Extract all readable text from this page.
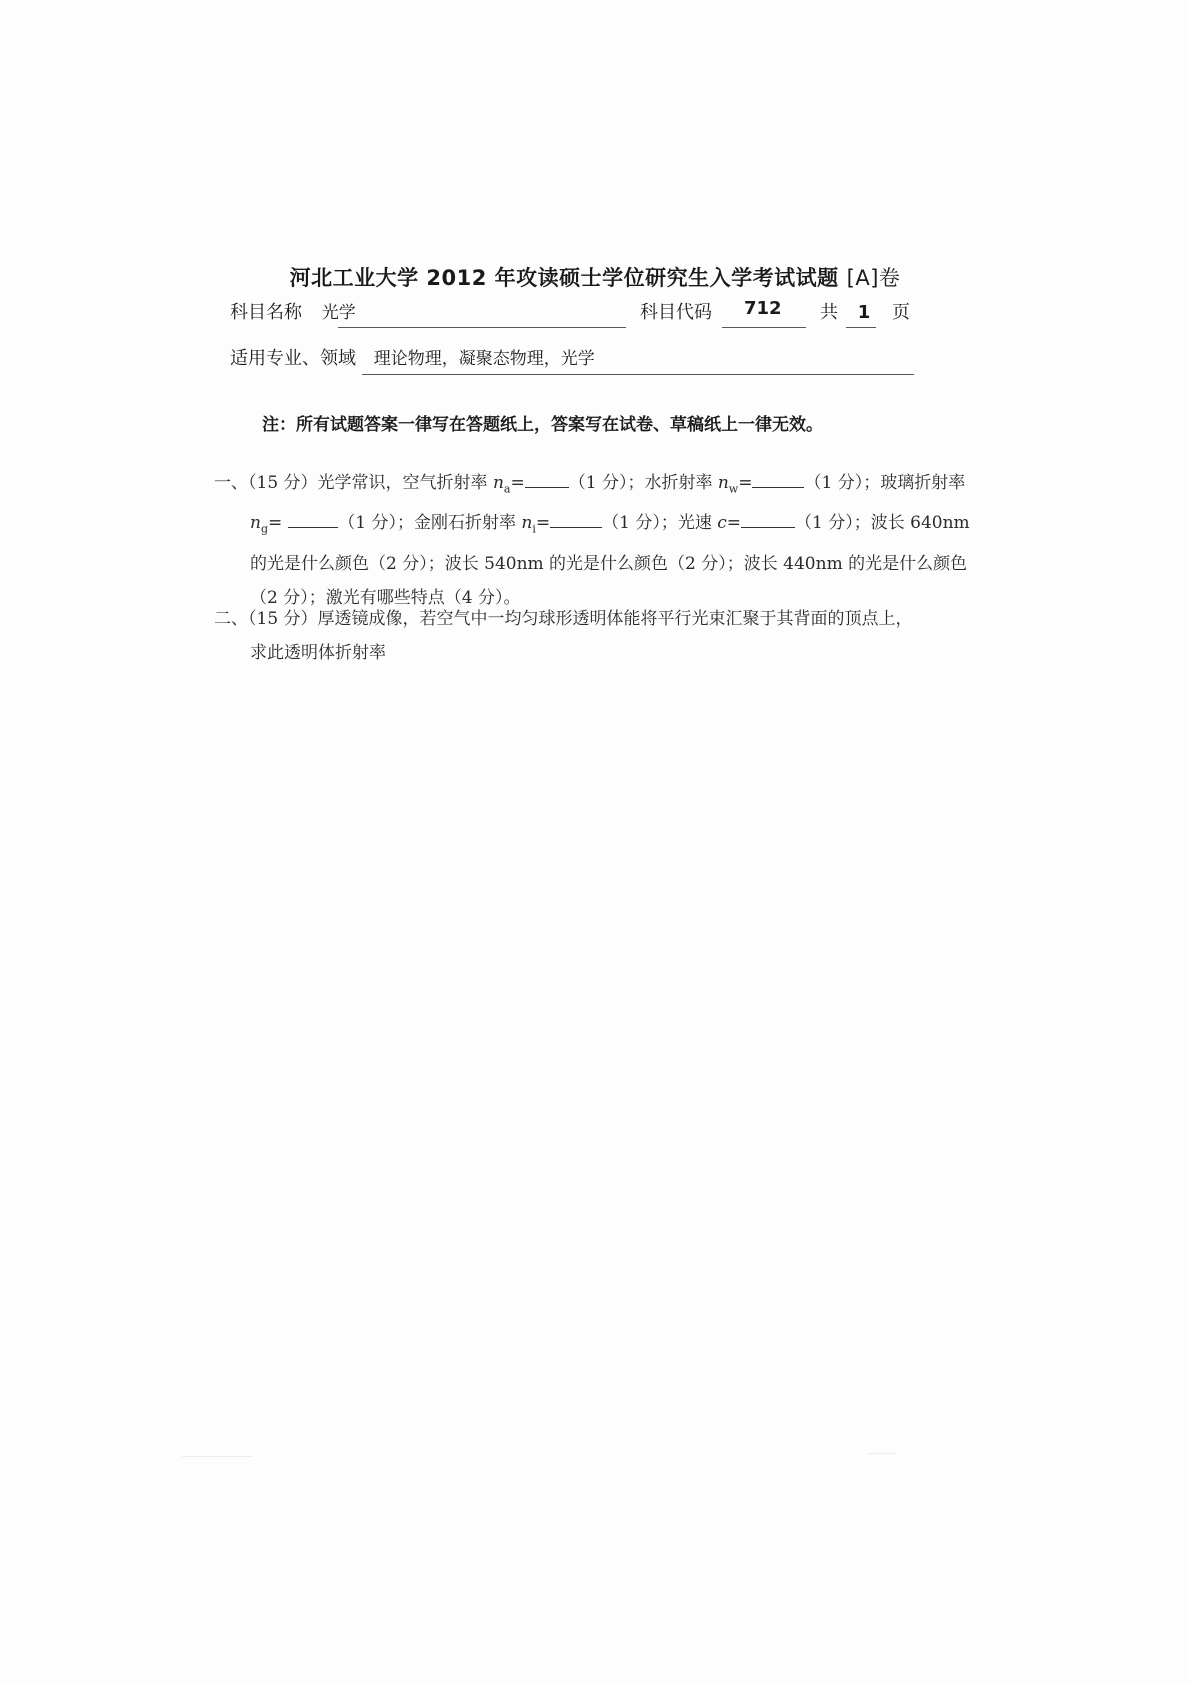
河北工业大学 2012 年攻读硕士学位研究生入学考试试题 [A]卷
科目名称 光学	科目代码 712 共 1 页
适用专业、领域 理论物理，凝聚态物理，光学
注：所有试题答案一律写在答题纸上，答案写在试卷、草稿纸上一律无效。
一、（15 分）光学常识，空气折射率 $n_a=$	（1 分）；水折射率 $n_w=$	（1 分）；玻璃折射率
$n_g=$	（1 分）；金刚石折射率 $n_i=$	（1 分）；光速 c=	（1 分）；波长 640nm
的光是什么颜色（2 分）；波长 540nm 的光是什么颜色（2 分）；波长 440nm 的光是什么颜色
（2 分）；激光有哪些特点（4 分）。
二、（15 分）厚透镜成像，若空气中一均匀球形透明体能将平行光束汇聚于其背面的顶点上，
求此透明体折射率
